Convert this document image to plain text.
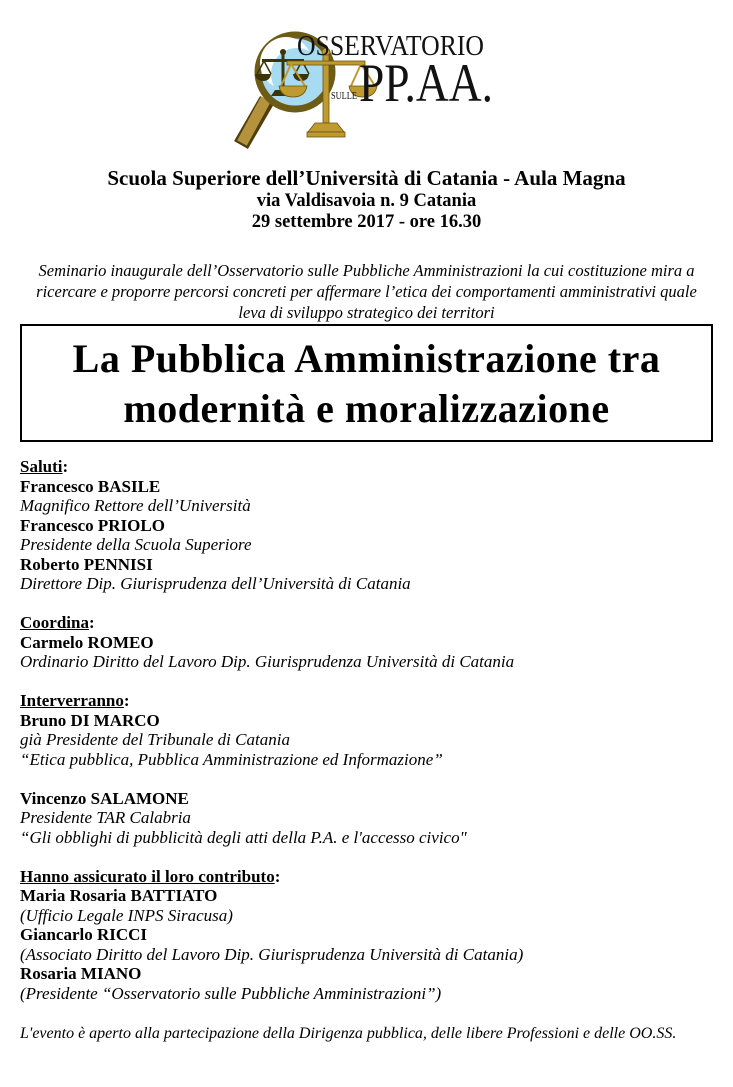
OSSERVATORIO
SULLE PP.AA.
Scuola Superiore dell’Università di Catania - Aula Magna
via Valdisavoia n. 9 Catania
29 settembre 2017 - ore 16.30
Seminario inaugurale dell’Osservatorio sulle Pubbliche Amministrazioni la cui costituzione mira a
ricercare e proporre percorsi concreti per affermare l’etica dei comportamenti amministrativi quale
leva di sviluppo strategico dei territori
La Pubblica Amministrazione tra
modernità e moralizzazione
Saluti:
Francesco BASILE
Magnifico Rettore dell’Università
Francesco PRIOLO
Presidente della Scuola Superiore
Roberto PENNISI
Direttore Dip. Giurisprudenza dell’Università di Catania
Coordina:
Carmelo ROMEO
Ordinario Diritto del Lavoro Dip. Giurisprudenza Università di Catania
Interverranno:
Bruno DI MARCO
già Presidente del Tribunale di Catania
“Etica pubblica, Pubblica Amministrazione ed Informazione”
Vincenzo SALAMONE
Presidente TAR Calabria
“Gli obblighi di pubblicità degli atti della P.A. e l'accesso civico"
Hanno assicurato il loro contributo:
Maria Rosaria BATTIATO
(Ufficio Legale INPS Siracusa)
Giancarlo RICCI
(Associato Diritto del Lavoro Dip. Giurisprudenza Università di Catania)
Rosaria MIANO
(Presidente “Osservatorio sulle Pubbliche Amministrazioni”)
L'evento è aperto alla partecipazione della Dirigenza pubblica, delle libere Professioni e delle OO.SS.
